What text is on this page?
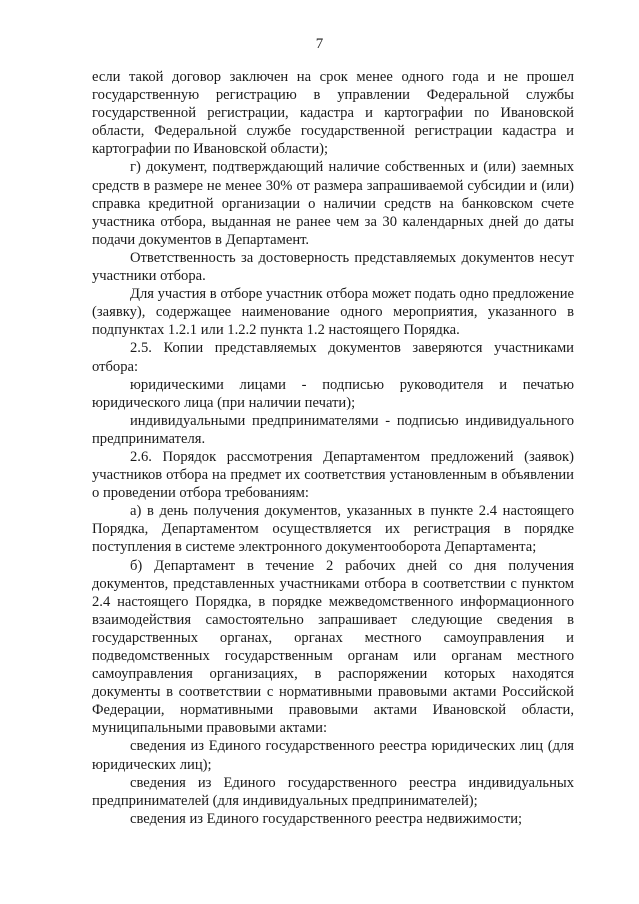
7

если такой договор заключен на срок менее одного года и не прошел государственную регистрацию в управлении Федеральной службы государственной регистрации, кадастра и картографии по Ивановской области, Федеральной службе государственной регистрации кадастра и картографии по Ивановской области);

г) документ, подтверждающий наличие собственных и (или) заемных средств в размере не менее 30% от размера запрашиваемой субсидии и (или) справка кредитной организации о наличии средств на банковском счете участника отбора, выданная не ранее чем за 30 календарных дней до даты подачи документов в Департамент.

Ответственность за достоверность представляемых документов несут участники отбора.

Для участия в отборе участник отбора может подать одно предложение (заявку), содержащее наименование одного мероприятия, указанного в подпунктах 1.2.1 или 1.2.2 пункта 1.2 настоящего Порядка.

2.5. Копии представляемых документов заверяются участниками отбора:

юридическими лицами - подписью руководителя и печатью юридического лица (при наличии печати);

индивидуальными предпринимателями - подписью индивидуального предпринимателя.

2.6. Порядок рассмотрения Департаментом предложений (заявок) участников отбора на предмет их соответствия установленным в объявлении о проведении отбора требованиям:

а) в день получения документов, указанных в пункте 2.4 настоящего Порядка, Департаментом осуществляется их регистрация в порядке поступления в системе электронного документооборота Департамента;

б) Департамент в течение 2 рабочих дней со дня получения документов, представленных участниками отбора в соответствии с пунктом 2.4 настоящего Порядка, в порядке межведомственного информационного взаимодействия самостоятельно запрашивает следующие сведения в государственных органах, органах местного самоуправления и подведомственных государственным органам или органам местного самоуправления организациях, в распоряжении которых находятся документы в соответствии с нормативными правовыми актами Российской Федерации, нормативными правовыми актами Ивановской области, муниципальными правовыми актами:

сведения из Единого государственного реестра юридических лиц (для юридических лиц);

сведения из Единого государственного реестра индивидуальных предпринимателей (для индивидуальных предпринимателей);

сведения из Единого государственного реестра недвижимости;
